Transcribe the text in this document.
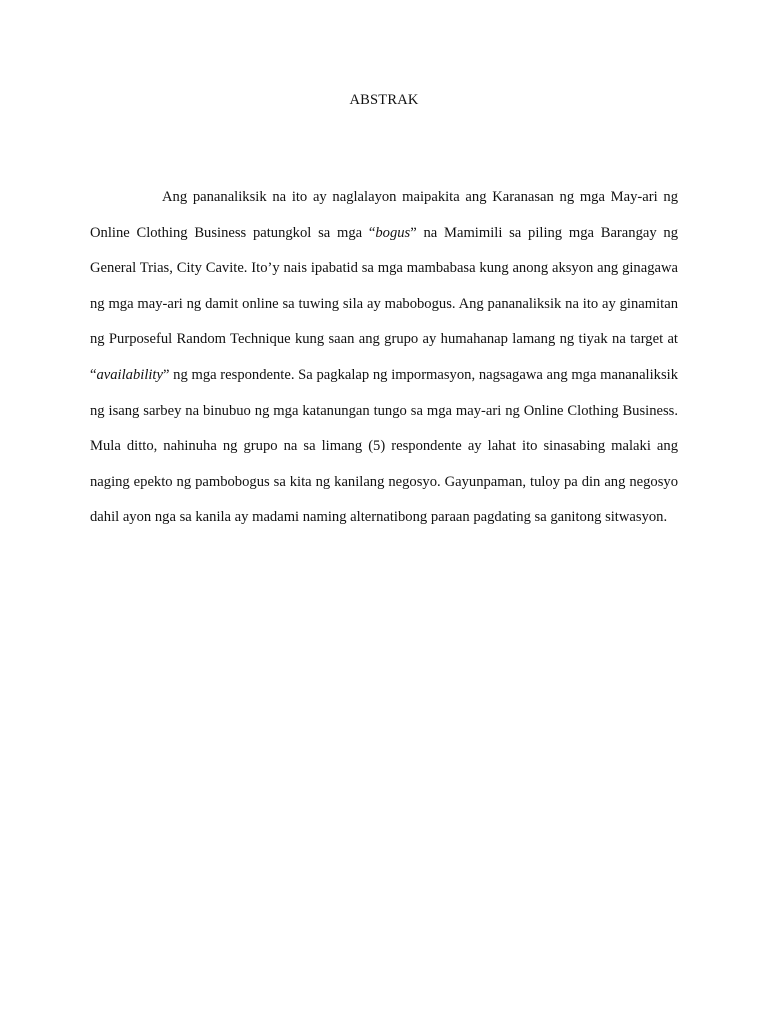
ABSTRAK

Ang pananaliksik na ito ay naglalayon maipakita ang Karanasan ng mga May-ari ng Online Clothing Business patungkol sa mga “bogus” na Mamimili sa piling mga Barangay ng General Trias, City Cavite. Ito’y nais ipabatid sa mga mambabasa kung anong aksyon ang ginagawa ng mga may-ari ng damit online sa tuwing sila ay mabobogus. Ang pananaliksik na ito ay ginamitan ng Purposeful Random Technique kung saan ang grupo ay humahanap lamang ng tiyak na target at “availability” ng mga respondente. Sa pagkalap ng impormasyon, nagsagawa ang mga mananaliksik ng isang sarbey na binubuo ng mga katanungan tungo sa mga may-ari ng Online Clothing Business. Mula ditto, nahinuha ng grupo na sa limang (5) respondente ay lahat ito sinasabing malaki ang naging epekto ng pambobogus sa kita ng kanilang negosyo. Gayunpaman, tuloy pa din ang negosyo dahil ayon nga sa kanila ay madami naming alternatibong paraan pagdating sa ganitong sitwasyon.
